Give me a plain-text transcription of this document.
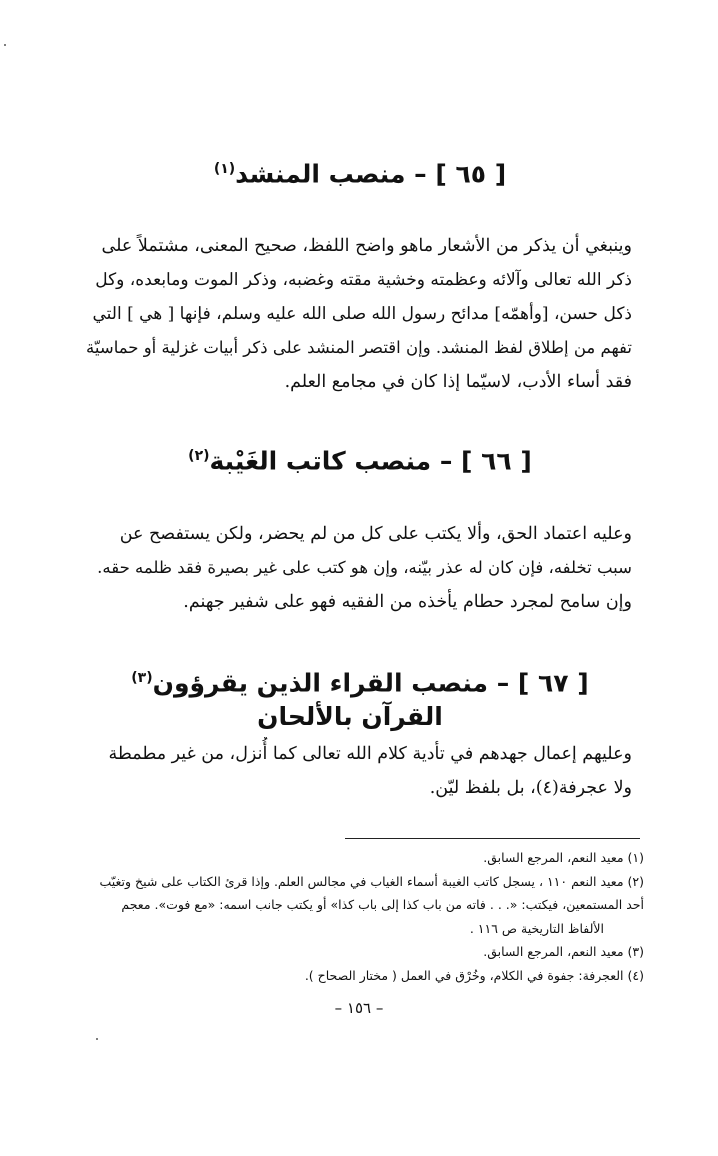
[ ٦٥ ] – منصب المنشد$^{(١)}$
وينبغي أن يذكر من الأشعار ماهو واضح اللفظ، صحيح المعنى، مشتملاً على
ذكر الله تعالى وآلائه وعظمته وخشية مقته وغضبه، وذكر الموت ومابعده، وكل
ذكل حسن، [وأهمّه] مدائح رسول الله صلى الله عليه وسلم، فإنها [ هي ] التي
تفهم من إطلاق لفظ المنشد. وإن اقتصر المنشد على ذكر أبيات غزلية أو حماسيّة
فقد أساء الأدب، لاسيّما إذا كان في مجامع العلم.
[ ٦٦ ] – منصب كاتب الغَيْبة$^{(٢)}$
وعليه اعتماد الحق، وألا يكتب على كل من لم يحضر، ولكن يستفصح عن
سبب تخلفه، فإن كان له عذر بيّنه، وإن هو كتب على غير بصيرة فقد ظلمه حقه.
وإن سامح لمجرد حطام يأخذه من الفقيه فهو على شفير جهنم.
[ ٦٧ ] – منصب القراء الذين يقرؤون$^{(٣)}$
القرآن بالألحان
وعليهم إعمال جهدهم في تأدية كلام الله تعالى كما أُنزل، من غير مطمطة
ولا عجرفة(٤)، بل بلفظ ليّن.
(١) معيد النعم، المرجع السابق.
(٢) معيد النعم ١١٠ ، يسجل كاتب الغيبة أسماء الغياب في مجالس العلم. وإذا قرئ الكتاب على شيخ وتغيّب
أحد المستمعين، فيكتب: «. . . فاته من باب كذا إلى باب كذا» أو يكتب جانب اسمه: «مع فوت». معجم
الألفاظ التاريخية ص ١١٦ .
(٣) معيد النعم، المرجع السابق.
(٤) العجرفة: جفوة في الكلام، وخُرْق في العمل ( مختار الصحاح ).
– ١٥٦ –
